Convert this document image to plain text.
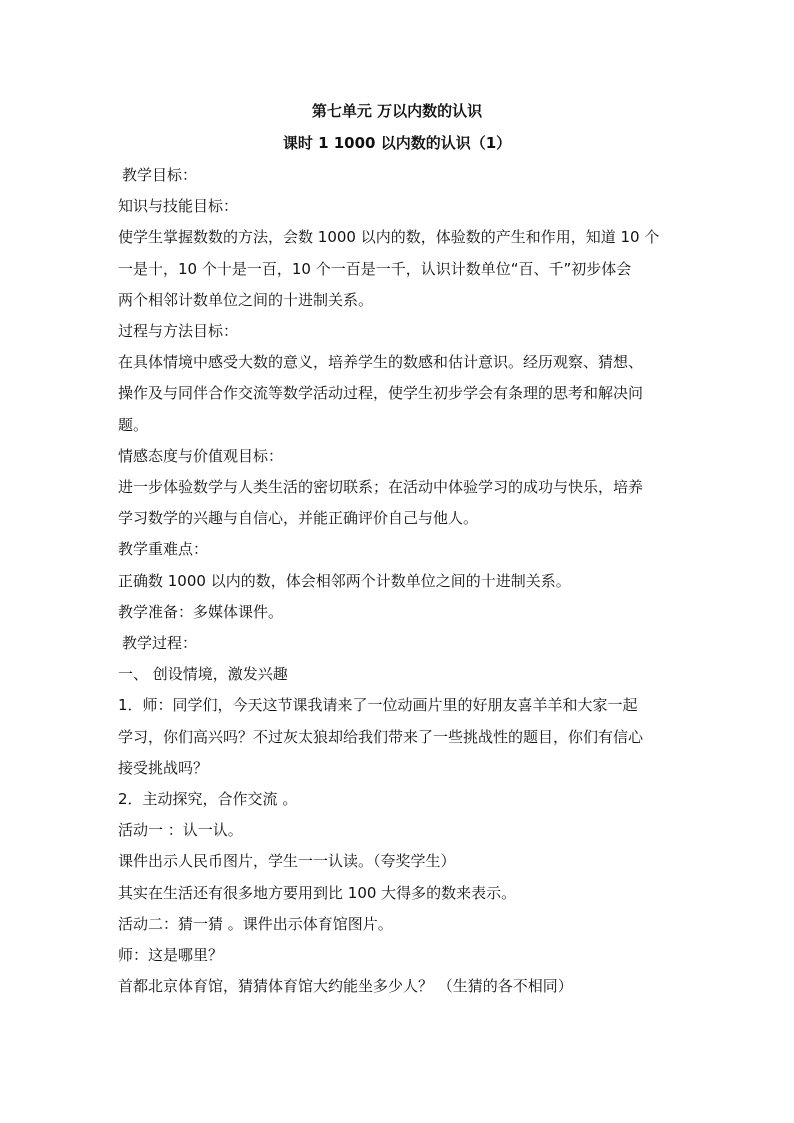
第七单元 万以内数的认识
课时 1 1000 以内数的认识（1）
教学目标：
知识与技能目标：
使学生掌握数数的方法，会数 1000 以内的数，体验数的产生和作用，知道 10 个
一是十，10 个十是一百，10 个一百是一千，认识计数单位“百、千”初步体会
两个相邻计数单位之间的十进制关系。
过程与方法目标：
在具体情境中感受大数的意义，培养学生的数感和估计意识。经历观察、猜想、
操作及与同伴合作交流等数学活动过程，使学生初步学会有条理的思考和解决问
题。
情感态度与价值观目标：
进一步体验数学与人类生活的密切联系；在活动中体验学习的成功与快乐，培养
学习数学的兴趣与自信心，并能正确评价自己与他人。
教学重难点：
正确数 1000 以内的数，体会相邻两个计数单位之间的十进制关系。
教学准备：多媒体课件。
教学过程：
一、 创设情境，激发兴趣
1．师：同学们，今天这节课我请来了一位动画片里的好朋友喜羊羊和大家一起
学习，你们高兴吗？不过灰太狼却给我们带来了一些挑战性的题目，你们有信心
接受挑战吗？
2．主动探究，合作交流 。
活动一 ：认一认。
课件出示人民币图片，学生一一认读。（夸奖学生）
其实在生活还有很多地方要用到比 100 大得多的数来表示。
活动二：猜一猜 。课件出示体育馆图片。
师：这是哪里？
首都北京体育馆，猜猜体育馆大约能坐多少人？ （生猜的各不相同）
